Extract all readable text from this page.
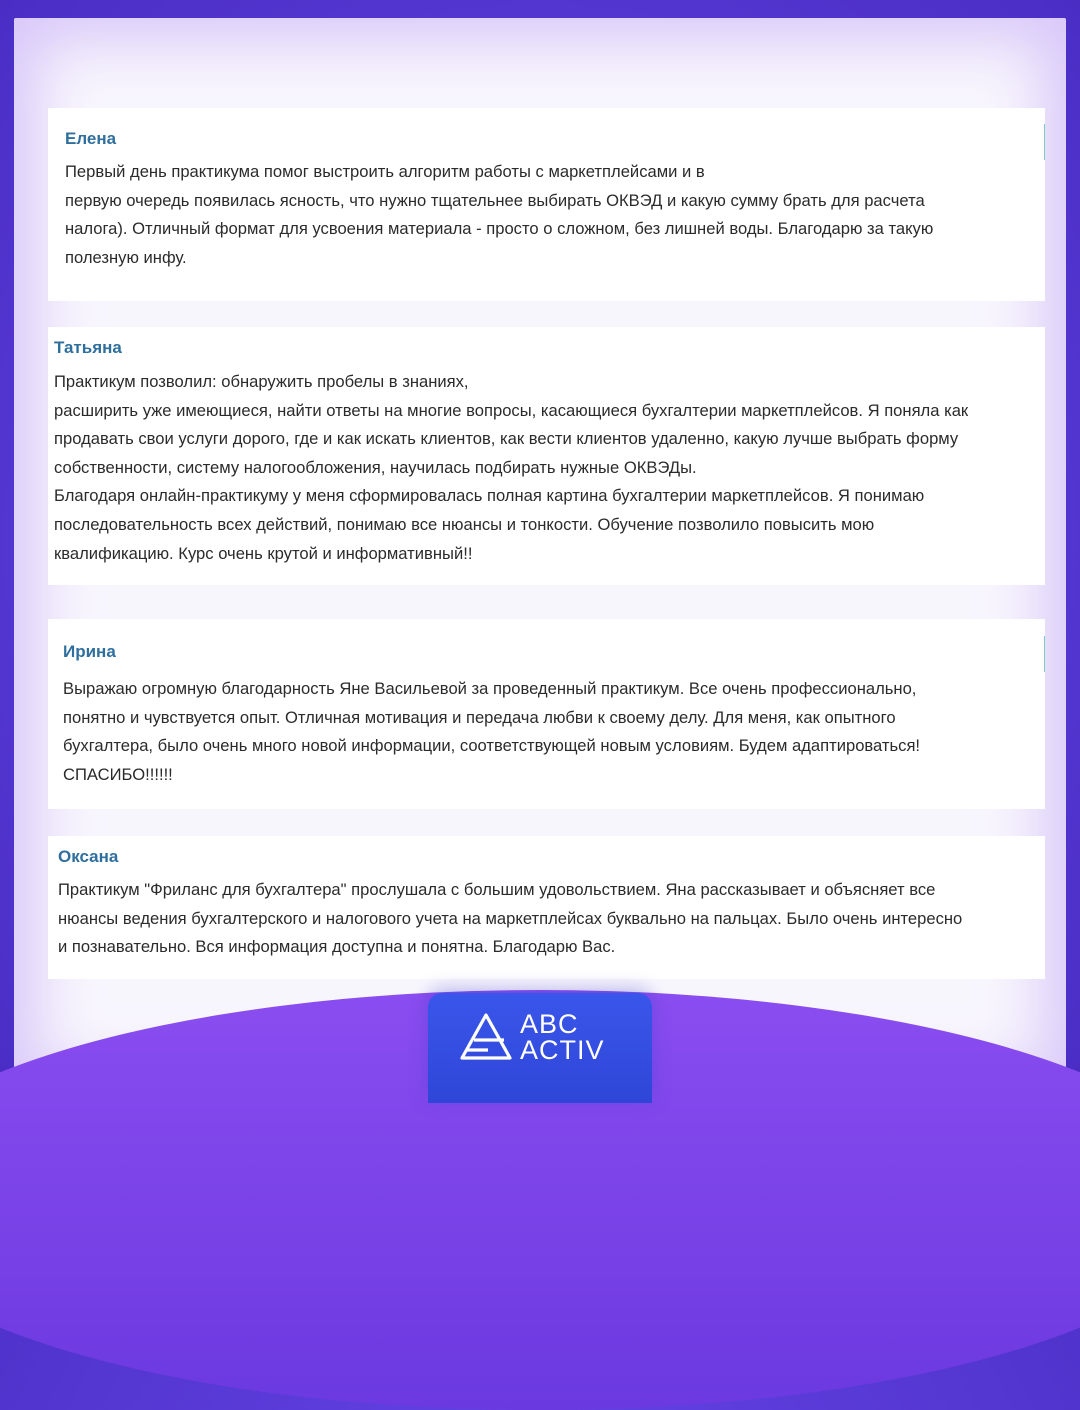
Елена
Первый день практикума помог выстроить алгоритм работы с маркетплейсами и в
первую очередь появилась ясность, что нужно тщательнее выбирать ОКВЭД и какую сумму брать для расчета
налога). Отличный формат для усвоения материала - просто о сложном, без лишней воды. Благодарю за такую
полезную инфу.
Татьяна
Практикум позволил: обнаружить пробелы в знаниях,
расширить уже имеющиеся, найти ответы на многие вопросы, касающиеся бухгалтерии маркетплейсов. Я поняла как
продавать свои услуги дорого, где и как искать клиентов, как вести клиентов удаленно, какую лучше выбрать форму
собственности, систему налогообложения, научилась подбирать нужные ОКВЭДы.
Благодаря онлайн-практикуму у меня сформировалась полная картина бухгалтерии маркетплейсов. Я понимаю
последовательность всех действий, понимаю все нюансы и тонкости. Обучение позволило повысить мою
квалификацию. Курс очень крутой и информативный!!
Ирина
Выражаю огромную благодарность Яне Васильевой за проведенный практикум. Все очень профессионально,
понятно и чувствуется опыт. Отличная мотивация и передача любви к своему делу. Для меня, как опытного
бухгалтера, было очень много новой информации, соответствующей новым условиям. Будем адаптироваться!
СПАСИБО!!!!!!
Оксана
Практикум "Фриланс для бухгалтера" прослушала с большим удовольствием. Яна рассказывает и объясняет все
нюансы ведения бухгалтерского и налогового учета на маркетплейсах буквально на пальцах. Было очень интересно
и познавательно. Вся информация доступна и понятна. Благодарю Вас.
ABC
ACTIV
